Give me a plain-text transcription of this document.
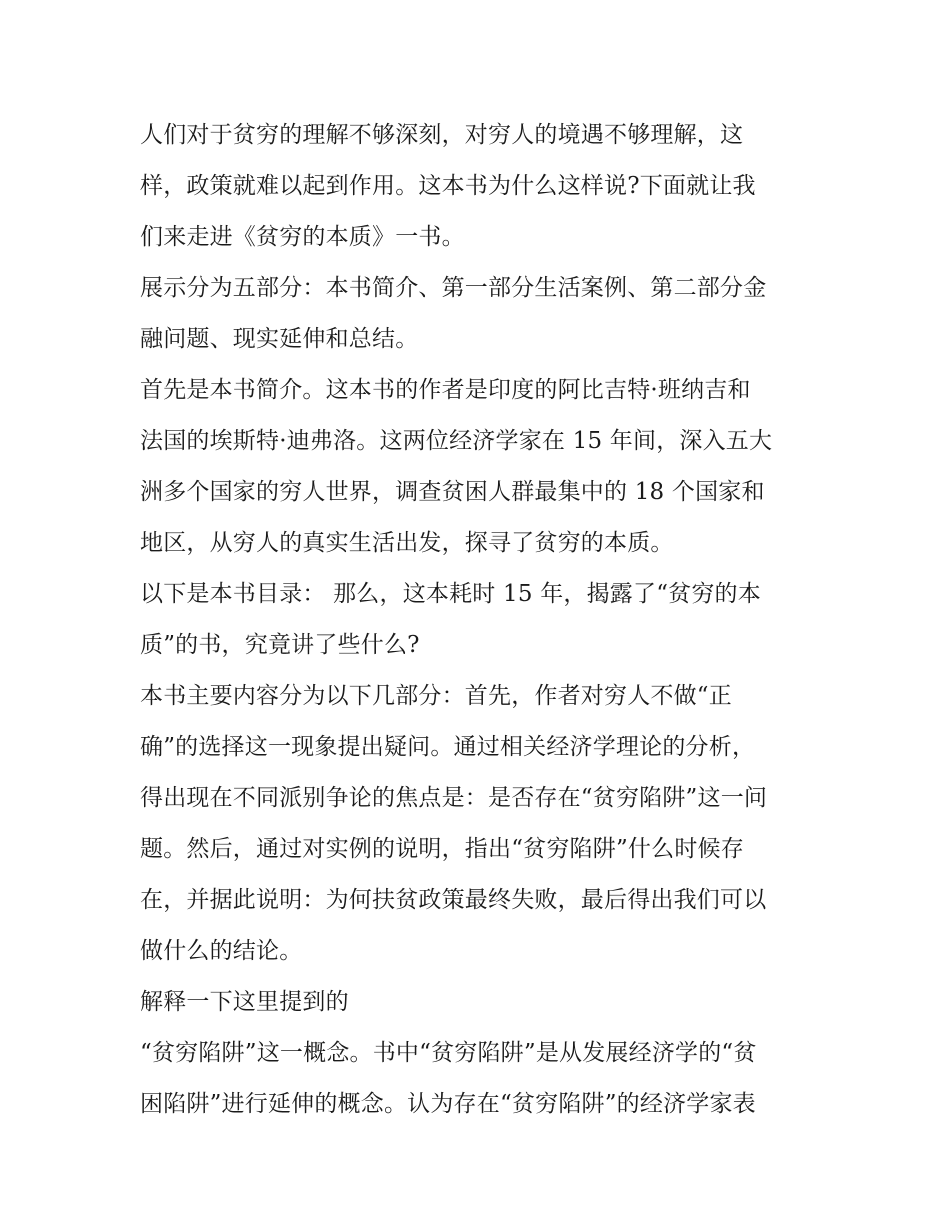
人们对于贫穷的理解不够深刻，对穷人的境遇不够理解，这
样，政策就难以起到作用。这本书为什么这样说?下面就让我
们来走进《贫穷的本质》一书。
展示分为五部分：本书简介、第一部分生活案例、第二部分金
融问题、现实延伸和总结。
首先是本书简介。这本书的作者是印度的阿比吉特·班纳吉和
法国的埃斯特·迪弗洛。这两位经济学家在 15 年间，深入五大
洲多个国家的穷人世界，调查贫困人群最集中的 18 个国家和
地区，从穷人的真实生活出发，探寻了贫穷的本质。
以下是本书目录： 那么，这本耗时 15 年，揭露了“贫穷的本
质”的书，究竟讲了些什么?
本书主要内容分为以下几部分：首先，作者对穷人不做“正
确”的选择这一现象提出疑问。通过相关经济学理论的分析，
得出现在不同派别争论的焦点是：是否存在“贫穷陷阱”这一问
题。然后，通过对实例的说明，指出“贫穷陷阱”什么时候存
在，并据此说明：为何扶贫政策最终失败，最后得出我们可以
做什么的结论。
解释一下这里提到的
“贫穷陷阱”这一概念。书中“贫穷陷阱”是从发展经济学的“贫
困陷阱”进行延伸的概念。认为存在“贫穷陷阱”的经济学家表
